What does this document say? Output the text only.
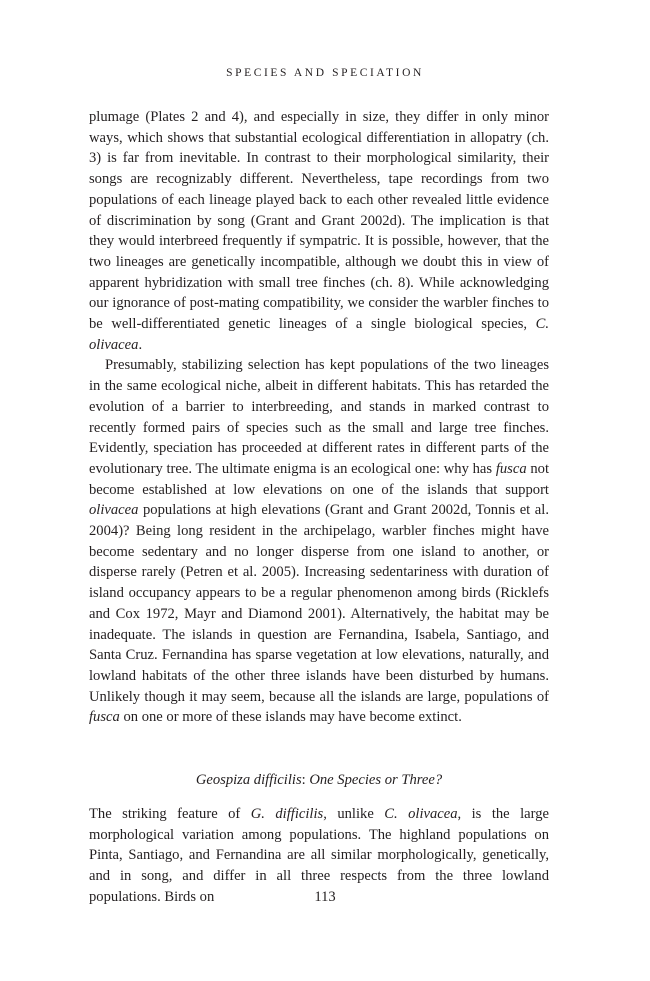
SPECIES AND SPECIATION

plumage (Plates 2 and 4), and especially in size, they differ in only minor ways, which shows that substantial ecological differentiation in allopatry (ch. 3) is far from inevitable. In contrast to their morphological similarity, their songs are recognizably different. Nevertheless, tape recordings from two populations of each lineage played back to each other revealed little evidence of discrimination by song (Grant and Grant 2002d). The implication is that they would interbreed frequently if sympatric. It is possible, however, that the two lineages are genetically incompatible, although we doubt this in view of apparent hybridization with small tree finches (ch. 8). While acknowledging our ignorance of post-mating compatibility, we consider the warbler finches to be well-differentiated genetic lineages of a single biological species, C. olivacea.

Presumably, stabilizing selection has kept populations of the two lineages in the same ecological niche, albeit in different habitats. This has retarded the evolution of a barrier to interbreeding, and stands in marked contrast to recently formed pairs of species such as the small and large tree finches. Evidently, speciation has proceeded at different rates in different parts of the evolutionary tree. The ultimate enigma is an ecological one: why has fusca not become established at low elevations on one of the islands that support olivacea populations at high elevations (Grant and Grant 2002d, Tonnis et al. 2004)? Being long resident in the archipelago, warbler finches might have become sedentary and no longer disperse from one island to another, or disperse rarely (Petren et al. 2005). Increasing sedentariness with duration of island occupancy appears to be a regular phenomenon among birds (Ricklefs and Cox 1972, Mayr and Diamond 2001). Alternatively, the habitat may be inadequate. The islands in question are Fernandina, Isabela, Santiago, and Santa Cruz. Fernandina has sparse vegetation at low elevations, naturally, and lowland habitats of the other three islands have been disturbed by humans. Unlikely though it may seem, because all the islands are large, populations of fusca on one or more of these islands may have become extinct.

Geospiza difficilis: One Species or Three?

The striking feature of G. difficilis, unlike C. olivacea, is the large morphological variation among populations. The highland populations on Pinta, Santiago, and Fernandina are all similar morphologically, genetically, and in song, and differ in all three respects from the three lowland populations. Birds on	113
